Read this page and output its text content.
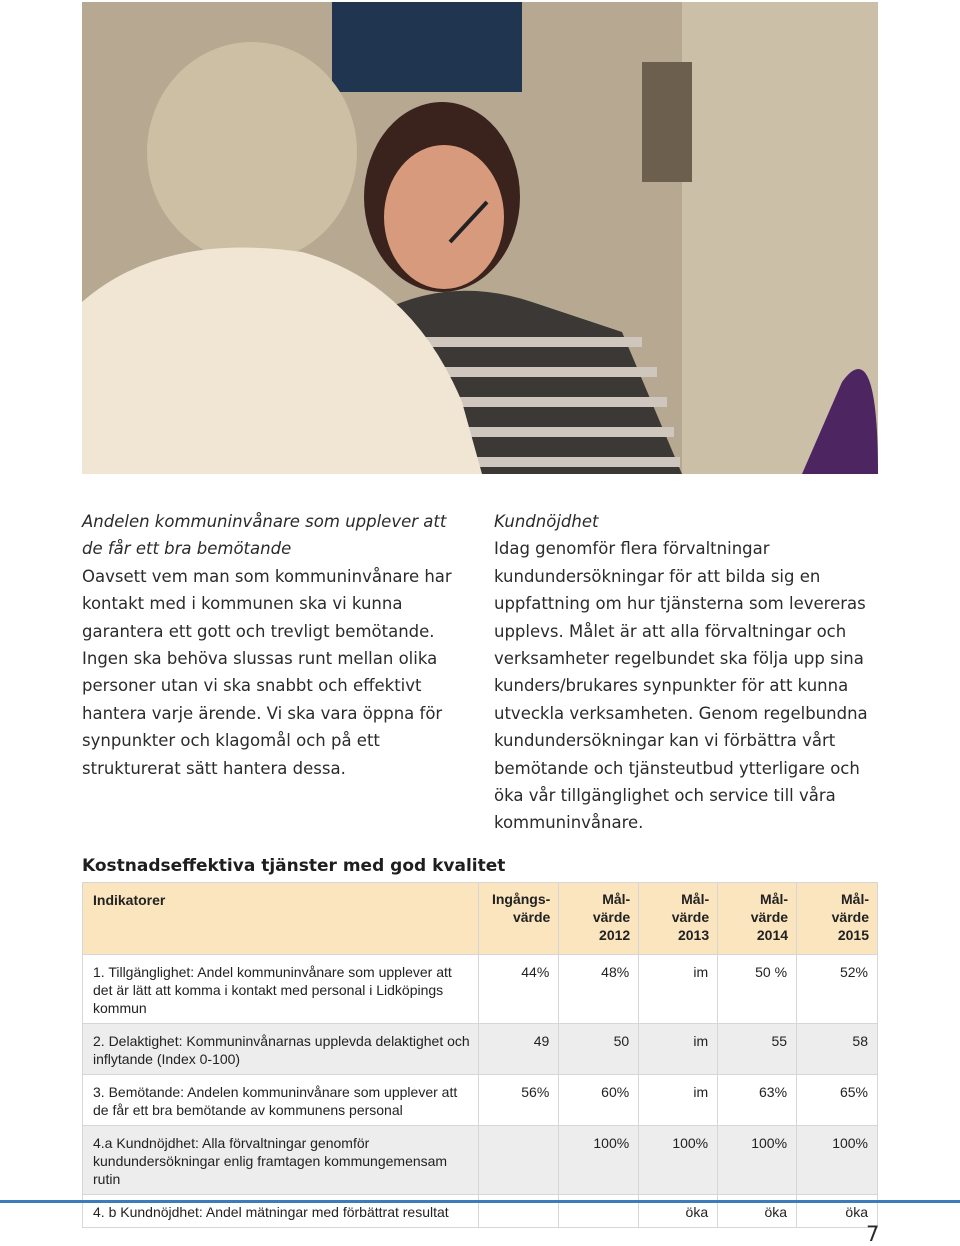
Andelen kommuninvånare som upplever att de får ett bra bemötande

Oavsett vem man som kommuninvånare har kontakt med i kommunen ska vi kunna garantera ett gott och trevligt bemötande. Ingen ska behöva slussas runt mellan olika personer utan vi ska snabbt och effektivt hantera varje ärende. Vi ska vara öppna för synpunkter och klagomål och på ett strukturerat sätt hantera dessa.

Kundnöjdhet

Idag genomför flera förvaltningar kundundersökningar för att bilda sig en uppfattning om hur tjänsterna som levereras upplevs. Målet är att alla förvaltningar och verksamheter regelbundet ska följa upp sina kunders/brukares synpunkter för att kunna utveckla verksamheten. Genom regelbundna kundundersökningar kan vi förbättra vårt bemötande och tjänsteutbud ytterligare och öka vår tillgänglighet och service till våra kommuninvånare.

Kostnadseffektiva tjänster med god kvalitet
Indikatorer	Ingångs- värde	Mål- värde 2012	Mål- värde 2013	Mål- värde 2014	Mål- värde 2015
1. Tillgänglighet: Andel kommuninvånare som upplever att det är lätt att komma i kontakt med personal i Lidköpings kommun	44%	48%	im	50 %	52%
2. Delaktighet: Kommuninvånarnas upplevda delaktighet och inflytande (Index 0-100)	49	50	im	55	58
3. Bemötande: Andelen kommuninvånare som upplever att de får ett bra bemötande av kommunens personal	56%	60%	im	63%	65%
4.a Kundnöjdhet: Alla förvaltningar genomför kundundersökningar enlig framtagen kommungemensam rutin		100%	100%	100%	100%
4. b Kundnöjdhet: Andel mätningar med förbättrat resultat			öka	öka	öka
7
